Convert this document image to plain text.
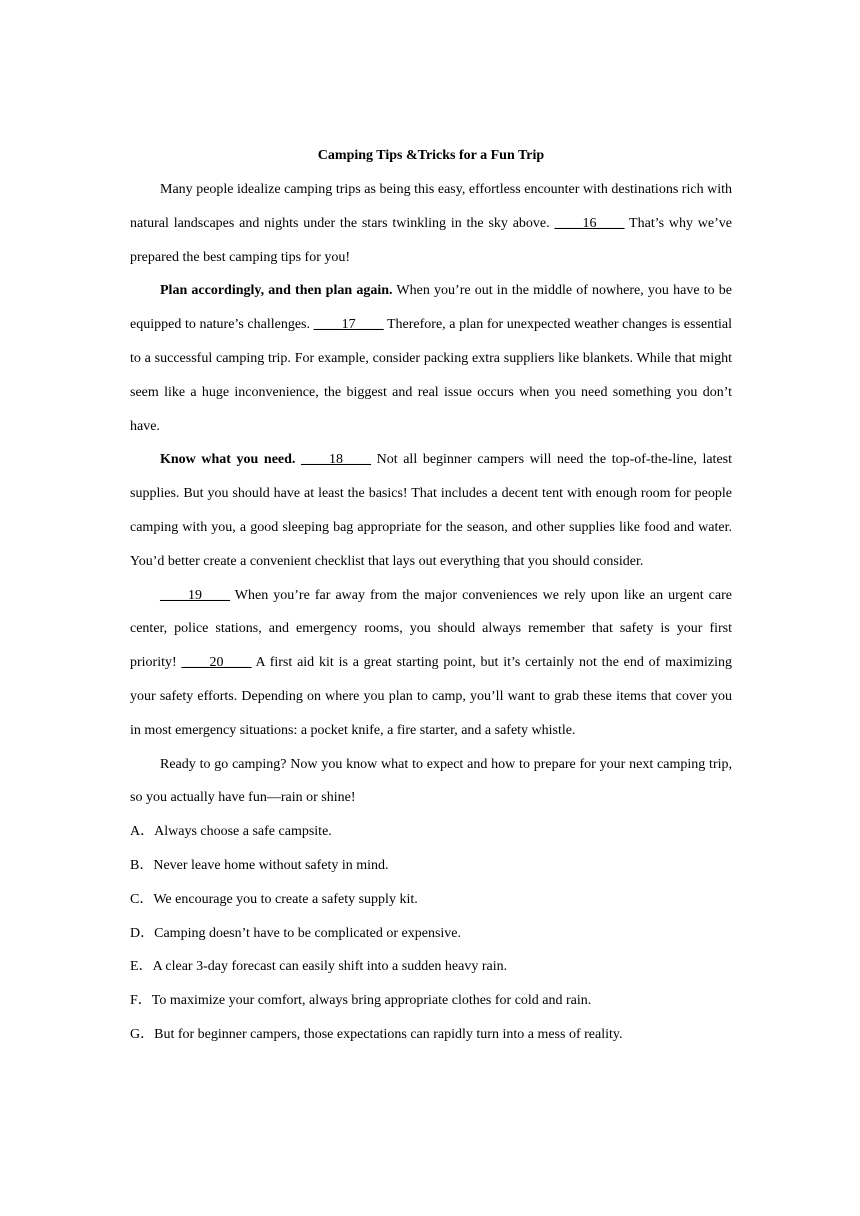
Camping Tips &Tricks for a Fun Trip

Many people idealize camping trips as being this easy, effortless encounter with destinations rich with natural landscapes and nights under the stars twinkling in the sky above. ____16____ That’s why we’ve prepared the best camping tips for you!

Plan accordingly, and then plan again. When you’re out in the middle of nowhere, you have to be equipped to nature’s challenges. ____17____ Therefore, a plan for unexpected weather changes is essential to a successful camping trip. For example, consider packing extra suppliers like blankets. While that might seem like a huge inconvenience, the biggest and real issue occurs when you need something you don’t have.

Know what you need. ____18____ Not all beginner campers will need the top-of-the-line, latest supplies. But you should have at least the basics! That includes a decent tent with enough room for people camping with you, a good sleeping bag appropriate for the season, and other supplies like food and water. You’d better create a convenient checklist that lays out everything that you should consider.

____19____ When you’re far away from the major conveniences we rely upon like an urgent care center, police stations, and emergency rooms, you should always remember that safety is your first priority! ____20____ A first aid kit is a great starting point, but it’s certainly not the end of maximizing your safety efforts. Depending on where you plan to camp, you’ll want to grab these items that cover you in most emergency situations: a pocket knife, a fire starter, and a safety whistle.

Ready to go camping? Now you know what to expect and how to prepare for your next camping trip, so you actually have fun—rain or shine!

A．Always choose a safe campsite.
B．Never leave home without safety in mind.
C．We encourage you to create a safety supply kit.
D．Camping doesn’t have to be complicated or expensive.
E．A clear 3-day forecast can easily shift into a sudden heavy rain.
F．To maximize your comfort, always bring appropriate clothes for cold and rain.
G．But for beginner campers, those expectations can rapidly turn into a mess of reality.
